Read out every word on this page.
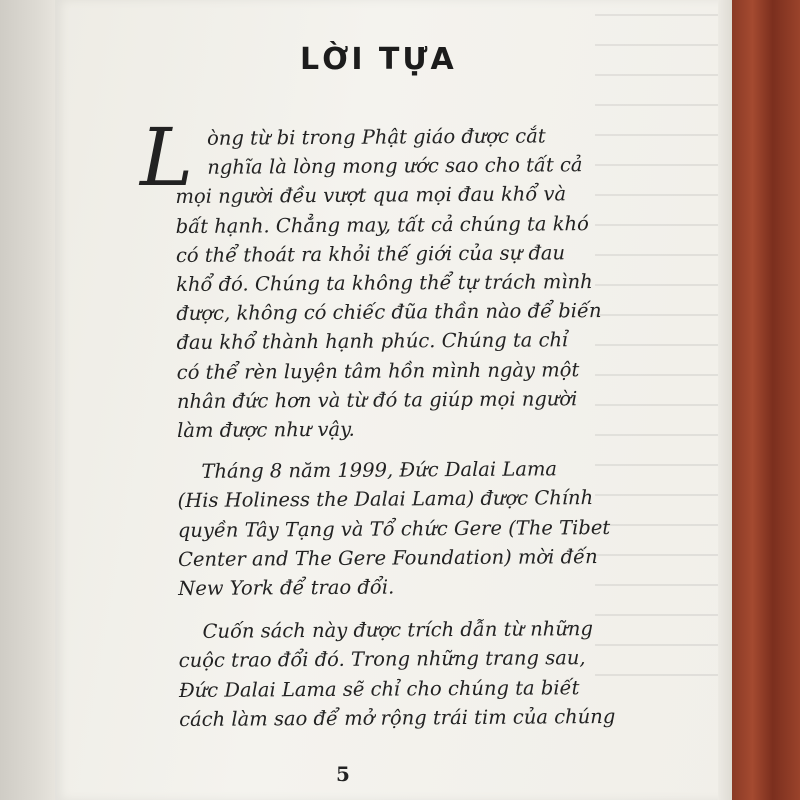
LỜI TỰA
L òng từ bi trong Phật giáo được cắt
nghĩa là lòng mong ước sao cho tất cả
mọi người đều vượt qua mọi đau khổ và
bất hạnh. Chẳng may, tất cả chúng ta khó
có thể thoát ra khỏi thế giới của sự đau
khổ đó. Chúng ta không thể tự trách mình
được, không có chiếc đũa thần nào để biến
đau khổ thành hạnh phúc. Chúng ta chỉ
có thể rèn luyện tâm hồn mình ngày một
nhân đức hơn và từ đó ta giúp mọi người
làm được như vậy.

Tháng 8 năm 1999, Đức Dalai Lama
(His Holiness the Dalai Lama) được Chính
quyền Tây Tạng và Tổ chức Gere (The Tibet
Center and The Gere Foundation) mời đến
New York để trao đổi.

Cuốn sách này được trích dẫn từ những
cuộc trao đổi đó. Trong những trang sau,
Đức Dalai Lama sẽ chỉ cho chúng ta biết
cách làm sao để mở rộng trái tim của chúng

5
